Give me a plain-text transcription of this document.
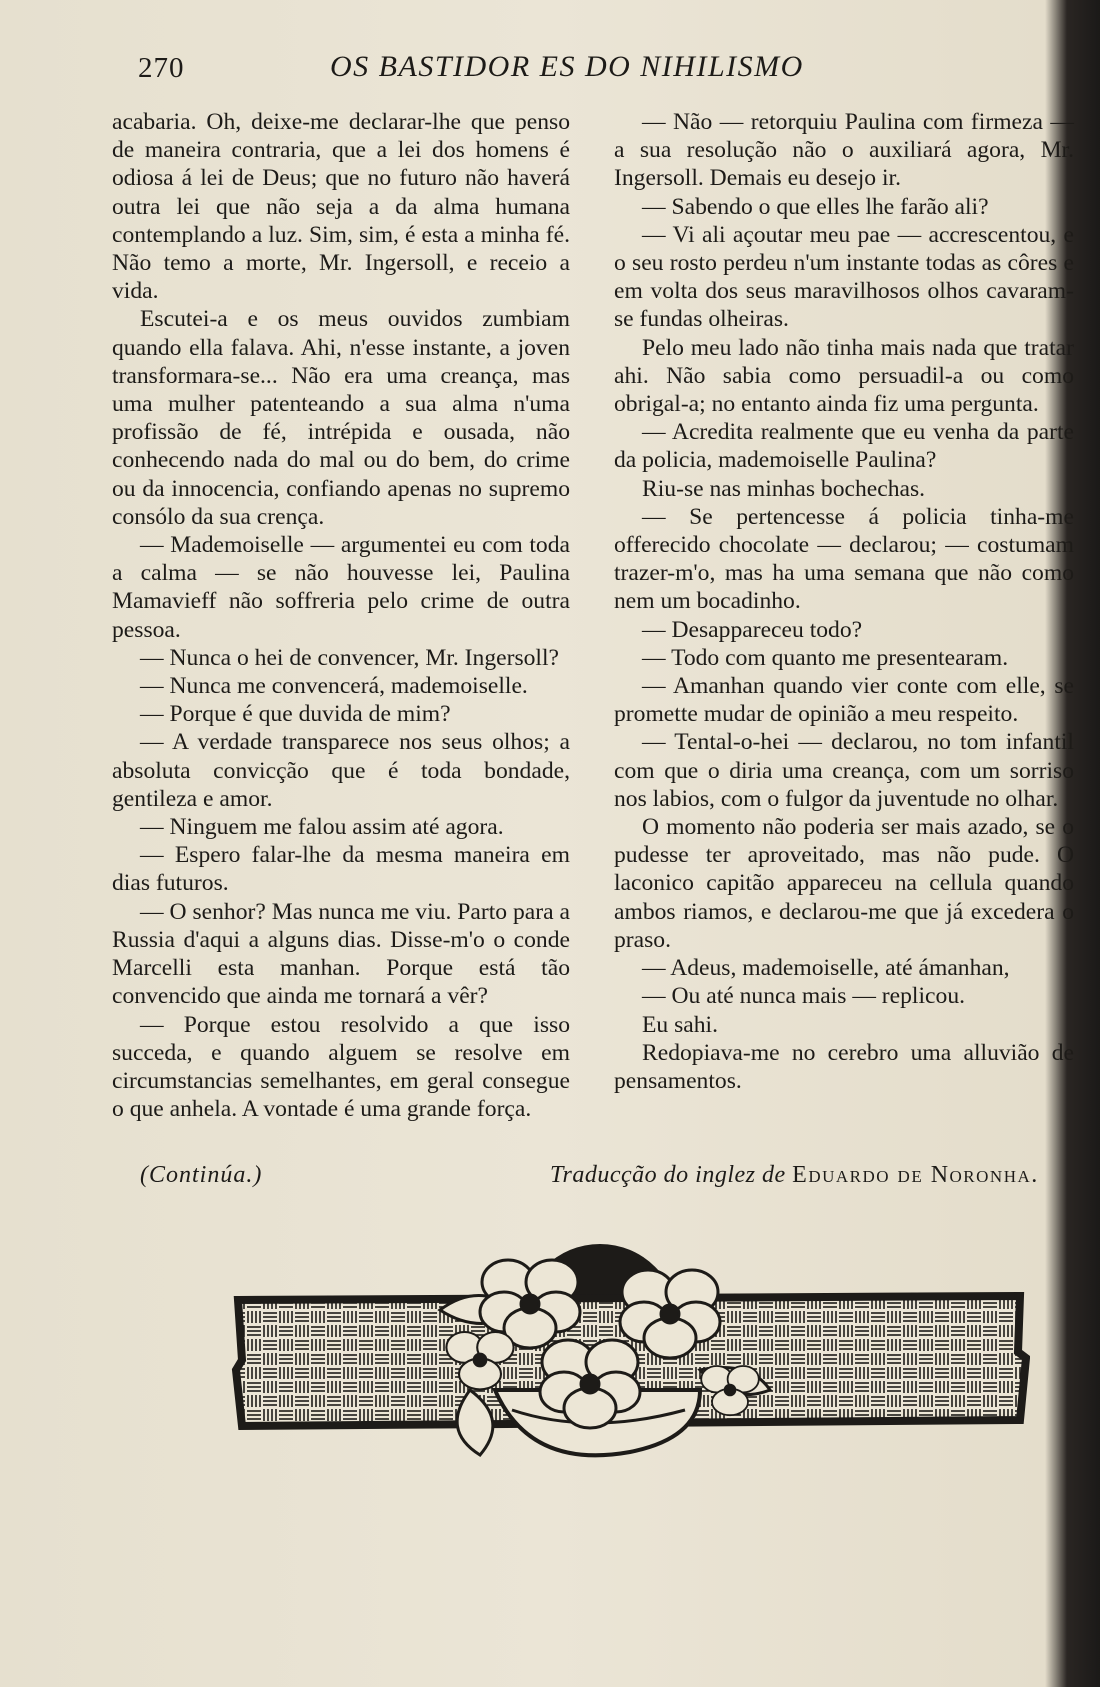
270	OS BASTIDOR ES DO NIHILISMO

acabaria. Oh, deixe-me declarar-lhe que penso de maneira contraria, que a lei dos homens é odiosa á lei de Deus; que no futuro não haverá outra lei que não seja a da alma humana contemplando a luz. Sim, sim, é esta a minha fé. Não temo a morte, Mr. Ingersoll, e receio a vida.

Escutei-a e os meus ouvidos zumbiam quando ella falava. Ahi, n'esse instante, a joven transformara-se... Não era uma creança, mas uma mulher patenteando a sua alma n'uma profissão de fé, intrépida e ousada, não conhecendo nada do mal ou do bem, do crime ou da innocencia, confiando apenas no supremo consólo da sua crença.

— Mademoiselle — argumentei eu com toda a calma — se não houvesse lei, Paulina Mamavieff não soffreria pelo crime de outra pessoa.

— Nunca o hei de convencer, Mr. Ingersoll?

— Nunca me convencerá, mademoiselle.

— Porque é que duvida de mim?

— A verdade transparece nos seus olhos; a absoluta convicção que é toda bondade, gentileza e amor.

— Ninguem me falou assim até agora.

— Espero falar-lhe da mesma maneira em dias futuros.

— O senhor? Mas nunca me viu. Parto para a Russia d'aqui a alguns dias. Disse-m'o o conde Marcelli esta manhan. Porque está tão convencido que ainda me tornará a vêr?

— Porque estou resolvido a que isso succeda, e quando alguem se resolve em circumstancias semelhantes, em geral consegue o que anhela. A vontade é uma grande força.

— Não — retorquiu Paulina com firmeza — a sua resolução não o auxiliará agora, Mr. Ingersoll. Demais eu desejo ir.

— Sabendo o que elles lhe farão ali?

— Vi ali açoutar meu pae — accrescentou, e o seu rosto perdeu n'um instante todas as côres e em volta dos seus maravilhosos olhos cavaram-se fundas olheiras.

Pelo meu lado não tinha mais nada que tratar ahi. Não sabia como persuadil-a ou como obrigal-a; no entanto ainda fiz uma pergunta.

— Acredita realmente que eu venha da parte da policia, mademoiselle Paulina?

Riu-se nas minhas bochechas.

— Se pertencesse á policia tinha-me offerecido chocolate — declarou; — costumam trazer-m'o, mas ha uma semana que não como nem um bocadinho.

— Desappareceu todo?

— Todo com quanto me presentearam.

— Amanhan quando vier conte com elle, se promette mudar de opinião a meu respeito.

— Tental-o-hei — declarou, no tom infantil com que o diria uma creança, com um sorriso nos labios, com o fulgor da juventude no olhar.

O momento não poderia ser mais azado, se o pudesse ter aproveitado, mas não pude. O laconico capitão appareceu na cellula quando ambos riamos, e declarou-me que já excedera o praso.

— Adeus, mademoiselle, até ámanhan,

— Ou até nunca mais — replicou.

Eu sahi.

Redopiava-me no cerebro uma alluvião de pensamentos.

(Continúa.)	Traducção do inglez de Eduardo de Noronha.
